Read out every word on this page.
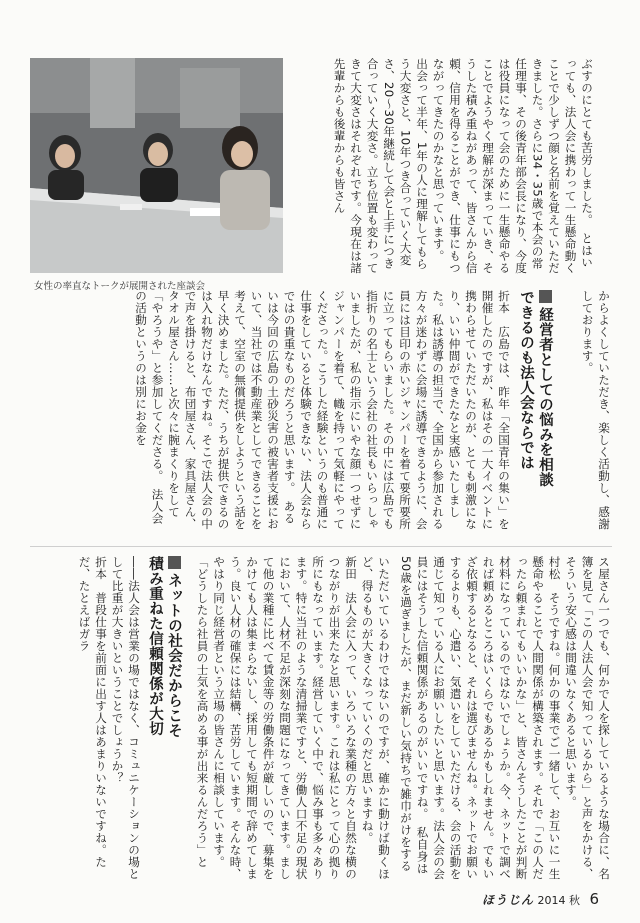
女性の率直なトークが展開された座談会
ぶすのにとても苦労しました。　とはいっても、法人会に携わって一生懸命動くことで少しずつ顔と名前を覚えていただきました。さらに34・35歳で本会の常任理事、その後青年部会長になり、今度は役員になって会のために一生懸命やることでようやく理解が深まっていき、そうした積み重ねがあって、皆さんから信頼、信用を得ることができ、仕事にもつながってきたのかなと思っています。　出会って半年、1年の人に理解してもらう大変さと、10年つき合っていく大変さ、20〜30年継続して会と上手につき合っていく大変さ。立ち位置も変わってきて大変さはそれぞれです。今現在は諸先輩からも後輩からも皆さん
からよくしていただき、楽しく活動し、感謝しております。
経営者としての悩みを相談
できるのも法人会ならでは
折本　広島では、昨年「全国青年の集い」を開催したのですが、私はその一大イベントに携わらせていただいたのが、とても刺激になり、いい仲間ができたなと実感いたしました。私は誘導の担当で、全国から参加される方々が迷わずに会場に誘導できるように、会員には目印の赤いジャンパーを着て要所要所に立ってもらいました。その中には広島でも指折りの名士という会社の社長もいらっしゃいましたが、私の指示にいやな顔一つせずにジャンパーを着て、幟を持って気軽にやってくださった。こうした経験というのも普通に仕事をしていると体験できない、法人会ならではの貴重なものだろうと思います。　あるいは今回の広島の土砂災害の被害者支援において、当社では不動産業としてできることを考えて、空室の無償提供をしようという話を早く決めました。ただ、うちが提供できるのは入れ物だけなんですね。そこで法人会の中で声を掛けると、布団屋さん、家具屋さん、タオル屋さん……と次々に腕まくりをして「やろうや」と参加してくださる。　法人会の活動というのは別にお金を
ス屋さん一つでも、何かで人を探しているような場合に、名簿を見て「この人法人会で知っているから」と声をかける、そういう安心感は間違いなくあると思います。
村松　そうですね。何かの事業でご一緒して、お互いに一生懸命やることで人間関係が構築されます。それで「この人だったら頼まれてもいいかな」と、皆さんそうしたことが判断材料になっているのではないでしょうか。今、ネットで調べれば頼めるところはいくらでもあるかもしれません。でもいざ依頼するとなると、それは選びませんね。ネットでお願いするよりも、心遣い、気遣いをしていただける、会の活動を通じて知っている人にお願いしたいと思います。法人会の会員にはそうした信頼関係があるのがいいですね。　私自身は50歳を過ぎましたが、まだ新しい気持ちで雑巾がけをする

いただいているわけではないのですが、確かに動けば動くほど、得るものが大きくなっていくのだと思いますね。
新田　法人会に入って、いろいろな業種の方々と自然な横のつながりが出来たなと思います。これは私にとって心の拠り所にもなっています。経営していく中で、悩み事も多々あります。特に当社のような清掃業ですと、労働人口不足の現状において、人材不足が深刻な問題になってきています。まして他の業種に比べて賃金等の労働条件が厳しいので、募集をかけても人は集まらないし、採用しても短期間で辞めてしまう。良い人材の確保には結構、苦労しています。そんな時、やはり同じ経営者という立場の皆さんに相談しています。「どうしたら社員の士気を高める事が出来るんだろう」と
ネットの社会だからこそ
積み重ねた信頼関係が大切
――法人会は営業の場ではなく、コミュニケーションの場として比重が大きいということでしょうか？
折本　普段仕事を前面に出す人はあまりいないですね。ただ、たとえばガラ
ほうじん 2014 秋 6
